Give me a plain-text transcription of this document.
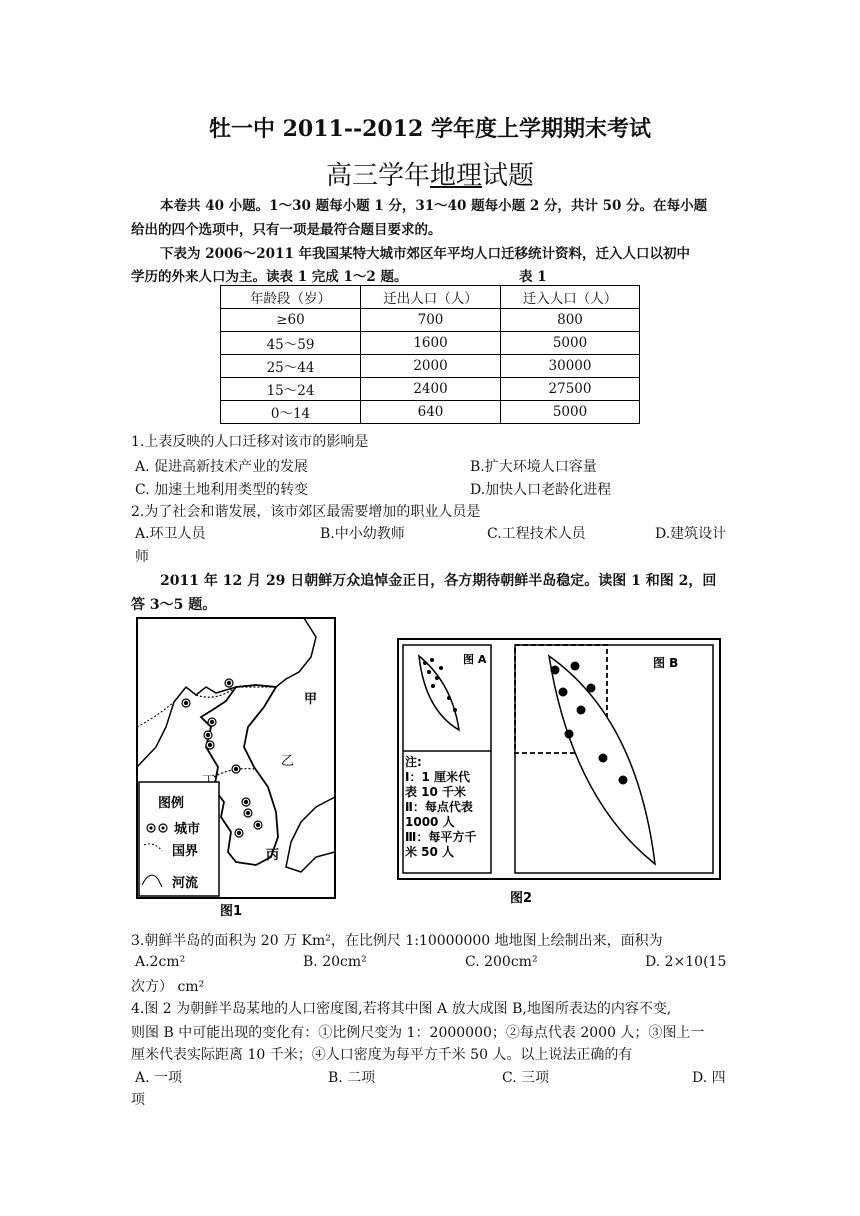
牡一中 2011--2012 学年度上学期期末考试
高三学年地理试题
本卷共 40 小题。1～30 题每小题 1 分，31～40 题每小题 2 分，共计 50 分。在每小题
给出的四个选项中，只有一项是最符合题目要求的。
下表为 2006～2011 年我国某特大城市郊区年平均人口迁移统计资料，迁入人口以初中
学历的外来人口为主。读表 1 完成 1～2 题。	表 1
年龄段（岁）	迁出人口（人）	迁入人口（人）
≥60	700	800
45～59	1600	5000
25～44	2000	30000
15～24	2400	27500
0～14	640	5000
1.上表反映的人口迁移对该市的影响是
A. 促进高新技术产业的发展	B.扩大环境人口容量
C. 加速土地利用类型的转变	D.加快人口老龄化进程
2.为了社会和谐发展，该市郊区最需要增加的职业人员是
A.环卫人员	B.中小幼教师	C.工程技术人员	D.建筑设计
师
2011 年 12 月 29 日朝鲜万众追悼金正日，各方期待朝鲜半岛稳定。读图 1 和图 2，回
答 3～5 题。
甲
乙
丙
图例
城市
国界
河流
图1
图 A
注:
Ⅰ：1 厘米代
表 10 千米
Ⅱ：每点代表
1000 人
Ⅲ：每平方千
米 50 人
图 B
图2
3.朝鲜半岛的面积为 20 万 Km²，在比例尺 1:10000000 地地图上绘制出来，面积为
A.2cm²	B. 20cm²	C. 200cm²	D. 2×10(15
次方） cm²
4.图 2 为朝鲜半岛某地的人口密度图,若将其中图 A 放大成图 B,地图所表达的内容不变,
则图 B 中可能出现的变化有：①比例尺变为 1：2000000；②每点代表 2000 人；③图上一
厘米代表实际距离 10 千米；④人口密度为每平方千米 50 人。以上说法正确的有
A. 一项	B. 二项	C. 三项	D. 四
项
